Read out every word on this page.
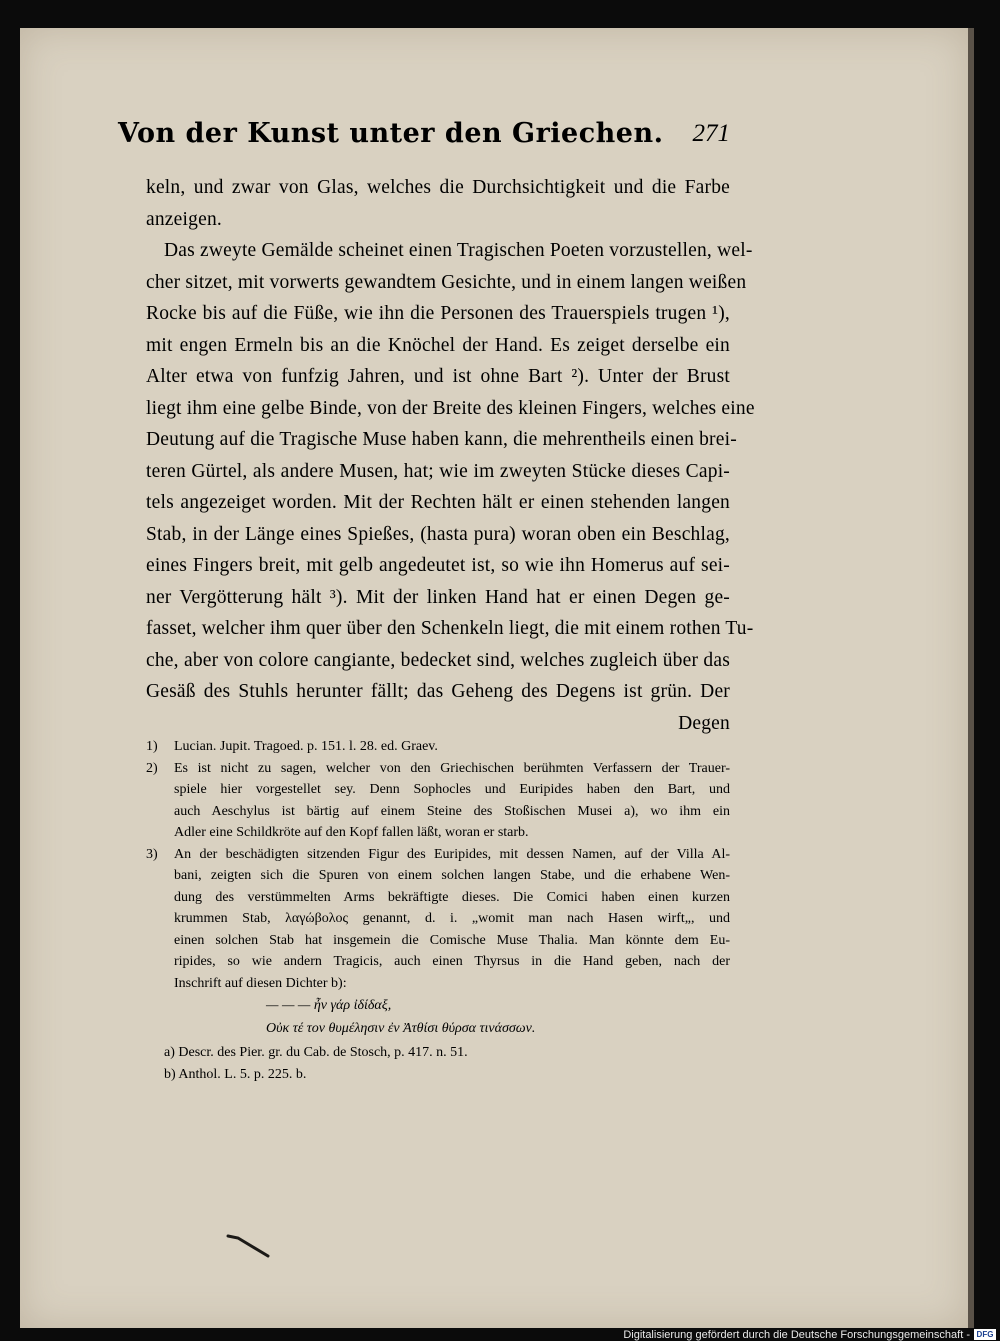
Von der Kunst unter den Griechen. 271
keln, und zwar von Glas, welches die Durchsichtigkeit und die Farbe
anzeigen.
Das zweyte Gemälde scheinet einen Tragischen Poeten vorzustellen, wel-
cher sitzet, mit vorwerts gewandtem Gesichte, und in einem langen weißen
Rocke bis auf die Füße, wie ihn die Personen des Trauerspiels trugen ¹),
mit engen Ermeln bis an die Knöchel der Hand. Es zeiget derselbe ein
Alter etwa von funfzig Jahren, und ist ohne Bart ²). Unter der Brust
liegt ihm eine gelbe Binde, von der Breite des kleinen Fingers, welches eine
Deutung auf die Tragische Muse haben kann, die mehrentheils einen brei-
teren Gürtel, als andere Musen, hat; wie im zweyten Stücke dieses Capi-
tels angezeiget worden. Mit der Rechten hält er einen stehenden langen
Stab, in der Länge eines Spießes, (hasta pura) woran oben ein Beschlag,
eines Fingers breit, mit gelb angedeutet ist, so wie ihn Homerus auf sei-
ner Vergötterung hält ³). Mit der linken Hand hat er einen Degen ge-
fasset, welcher ihm quer über den Schenkeln liegt, die mit einem rothen Tu-
che, aber von colore cangiante, bedecket sind, welches zugleich über das
Gesäß des Stuhls herunter fällt; das Geheng des Degens ist grün. Der
Degen
1)	Lucian. Jupit. Tragoed. p. 151. l. 28. ed. Graev.
2)	Es ist nicht zu sagen, welcher von den Griechischen berühmten Verfassern der Trauer-
spiele hier vorgestellet sey. Denn Sophocles und Euripides haben den Bart, und
auch Aeschylus ist bärtig auf einem Steine des Stoßischen Musei a), wo ihm ein
Adler eine Schildkröte auf den Kopf fallen läßt, woran er starb.
3)	An der beschädigten sitzenden Figur des Euripides, mit dessen Namen, auf der Villa Al-
bani, zeigten sich die Spuren von einem solchen langen Stabe, und die erhabene Wen-
dung des verstümmelten Arms bekräftigte dieses. Die Comici haben einen kurzen
krummen Stab, λαγώβολος genannt, d. i. „womit man nach Hasen wirft„, und
einen solchen Stab hat insgemein die Comische Muse Thalia. Man könnte dem Eu-
ripides, so wie andern Tragicis, auch einen Thyrsus in die Hand geben, nach der
Inschrift auf diesen Dichter b):
— — — ἦν γάρ ἰδίδαξ,
Οὐκ τέ τον θυμέλησιν ἐν Ἀτθίσι θύρσα τινάσσων.
a) Descr. des Pier. gr. du Cab. de Stosch, p. 417. n. 51.
b) Anthol. L. 5. p. 225. b.
Digitalisierung gefördert durch die Deutsche Forschungsgemeinschaft - DFG
